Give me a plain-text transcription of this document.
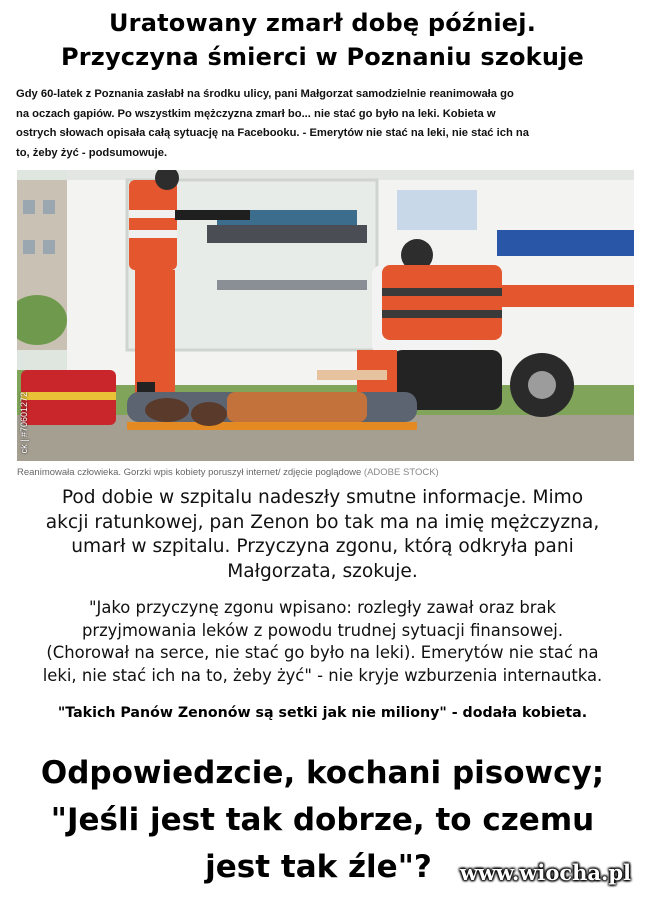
Uratowany zmarł dobę później.
Przyczyna śmierci w Poznaniu szokuje
Gdy 60-latek z Poznania zasłabł na środku ulicy, pani Małgorzat samodzielnie reanimowała go
na oczach gapiów. Po wszystkim mężczyzna zmarł bo... nie stać go było na leki. Kobieta w
ostrych słowach opisała całą sytuację na Facebooku. - Emerytów nie stać na leki, nie stać ich na
to, żeby żyć - podsumowuje.
ck | #70601272
Reanimowała człowieka. Gorzki wpis kobiety poruszył internet/ zdjęcie poglądowe (ADOBE STOCK)
Pod dobie w szpitalu nadeszły smutne informacje. Mimo
akcji ratunkowej, pan Zenon bo tak ma na imię mężczyzna,
umarł w szpitalu. Przyczyna zgonu, którą odkryła pani
Małgorzata, szokuje.
"Jako przyczynę zgonu wpisano: rozległy zawał oraz brak
przyjmowania leków z powodu trudnej sytuacji finansowej.
(Chorował na serce, nie stać go było na leki). Emerytów nie stać na
leki, nie stać ich na to, żeby żyć" - nie kryje wzburzenia internautka.
"Takich Panów Zenonów są setki jak nie miliony" - dodała kobieta.
Odpowiedzcie, kochani pisowcy;
"Jeśli jest tak dobrze, to czemu
jest tak źle"?	www.wiocha.pl
